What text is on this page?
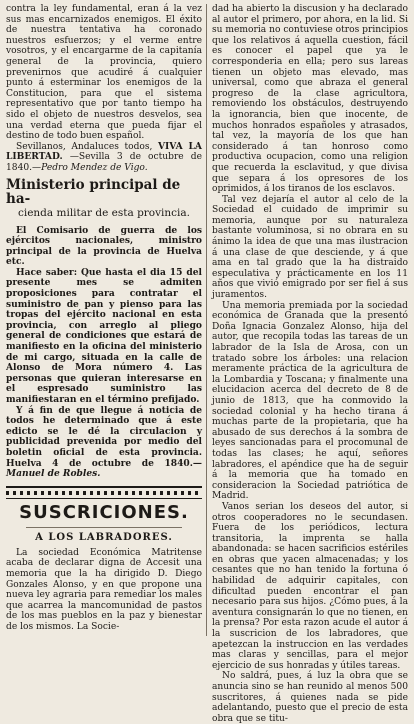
contra la ley fundamental, eran á la vez sus mas encarnizados enemigos. El éxito de nuestra tentativa ha coronado nuestros esfuerzos; y el verme entre vosotros, y el encargarme de la capitanía general de la provincia, quiero prevenirnos que acudiré á cualquier punto á esterminar los enemigos de la Constitucion, para que el sistema representativo que por tanto tiempo ha sido el objeto de nuestros desvelos, sea una verdad eterna que pueda fijar el destino de todo buen español.

Sevillanos, Andaluces todos, VIVA LA LIBERTAD. —Sevilla 3 de octubre de 1840.—Pedro Mendez de Vigo.

Ministerio principal de ha-
cienda militar de esta provincia.

El Comisario de guerra de los ejércitos nacionales, ministro principal de la provincia de Huelva etc.

Hace saber: Que hasta el dia 15 del presente mes se admiten proposiciones para contratar el suministro de pan y pienso para las tropas del ejército nacional en esta provincia, con arreglo al pliego general de condiciones que estará de manifiesto en la oficina del ministerio de mi cargo, situada en la calle de Alonso de Mora número 4. Las personas que quieran interesarse en el espresado suministro las manifiestaran en el término prefijado.

Y á fin de que llegue á noticia de todos he determinado que á este edicto se le dé la circulacion y publicidad prevenida por medio del boletin oficial de esta provincia. Huelva 4 de octubre de 1840.— Manuel de Robles.

SUSCRICIONES.
A LOS LABRADORES.

La sociedad Económica Matritense acaba de declarar digna de Accesit una memoria que la ha dirigido D. Diego Gonzales Alonso, y en que propone una nueva ley agraria para remediar los males que acarrea la mancomunidad de pastos de los mas pueblos en la paz y bienestar de los mismos. La Socie-

dad ha abierto la discusion y ha declarado al autor el primero, por ahora, en la lid. Si su memoria no contuviese otros principios que los relativos á aquella cuestion, fácil es conocer el papel que ya le corresponderia en ella; pero sus lareas tienen un objeto mas elevado, mas universal, como que abraza el general progreso de la clase agricultora, removiendo los obstáculos, destruyendo la ignorancia, bien que inocente, de muchos honrados españoles y atrasados, tal vez, la mayoría de los que han considerado á tan honroso como productiva ocupacion, como una religion que recuerda la esclavitud, y que divisa que separa á los opresores de los oprimidos, á los tiranos de los esclavos.

Tal vez dejaría el autor al celo de la Sociedad el cuidado de imprimir su memoria, aunque por su naturaleza bastante voluminosa, si no obrara en su ánimo la idea de que una mas ilustracion á una clase de que desciende, y á que ama en tal grado que la ha distraido especulativa y prácticamente en los 11 años que vivió emigrado por ser fiel á sus juramentos.

Una memoria premiada por la sociedad económica de Granada que la presentó Doña Ignacia Gonzalez Alonso, hija del autor, que recopila todas las tareas de un labrador de la Isla de Arosa, con un tratado sobre los árboles: una relacion meramente práctica de la agricultura de la Lombardia y Toscana; y finalmente una elucidacion acerca del decreto de 8 de junio de 1813, que ha conmovido la sociedad colonial y ha hecho tirana á muchas parte de la propietaria, que ha abusado de sus derechos á la sombra de leyes sancionadas para el procomunal de todas las clases; he aquí, señores labradores, el apéndice que ha de seguir á la memoria que ha tomado en consideracion la Sociedad patriótica de Madrid.

Vanos serian los deseos del autor, si otros cooperadores no le secundasen. Fuera de los periódicos, lectura transitoria, la imprenta se halla abandonada: se hacen sacrificios estériles en obras que yacen almacenadas; y los cesantes que no han tenido la fortuna ó habilidad de adquirir capitales, con dificultad pueden encontrar el pan necesario para sus hijos. ¿Cómo pues, á la aventura consignarán lo que no tienen, en la prensa? Por esta razon acude el autor á la suscricion de los labradores, que apetezcan la instruccion en las verdades mas claras y sencillas, para el mejor ejercicio de sus honradas y útiles tareas.

No saldrá, pues, á luz la obra que se anuncia sino se han reunido al menos 500 suscritores, á quienes nada se pide adelantando, puesto que el precio de esta obra que se titu-
